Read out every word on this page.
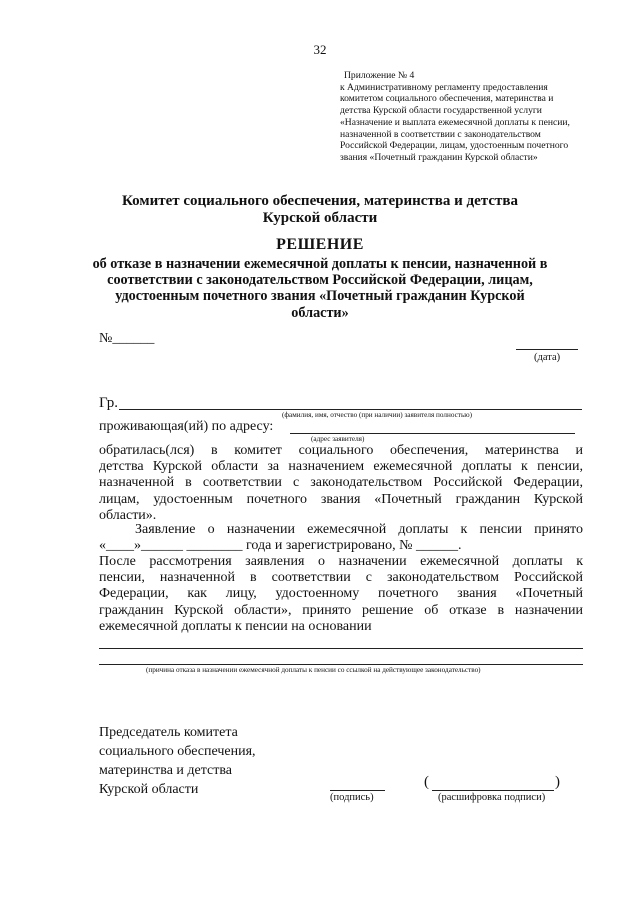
32
Приложение № 4
к Административному регламенту предоставления
комитетом социального обеспечения, материнства и
детства Курской области государственной услуги
«Назначение и выплата ежемесячной доплаты к пенсии,
назначенной в соответствии с законодательством
Российской Федерации, лицам, удостоенным почетного
звания «Почетный гражданин Курской области»
Комитет социального обеспечения, материнства и детства
Курской области
РЕШЕНИЕ
об отказе в назначении ежемесячной доплаты к пенсии, назначенной в
соответствии с законодательством Российской Федерации, лицам,
удостоенным почетного звания «Почетный гражданин Курской
области»
№______
(дата)
Гр.
(фамилия, имя, отчество (при наличии) заявителя полностью)
проживающая(ий) по адресу:
(адрес заявителя)
обратилась(лся) в комитет социального обеспечения, материнства и
детства Курской области за назначением ежемесячной доплаты к пенсии,
назначенной в соответствии с законодательством Российской Федерации,
лицам, удостоенным почетного звания «Почетный гражданин Курской
области».
Заявление о назначении ежемесячной доплаты к пенсии принято
«____»______ ________ года и зарегистрировано, № ______.
После рассмотрения заявления о назначении ежемесячной доплаты к
пенсии, назначенной в соответствии с законодательством Российской
Федерации, как лицу, удостоенному почетного звания «Почетный
гражданин Курской области», принято решение об отказе в назначении
ежемесячной доплаты к пенсии на основании
(причина отказа в назначении ежемесячной доплаты к пенсии со ссылкой на действующее законодательство)
Председатель комитета
социального обеспечения,
материнства и детства
Курской области
(подпись)
(	)
(расшифровка подписи)
